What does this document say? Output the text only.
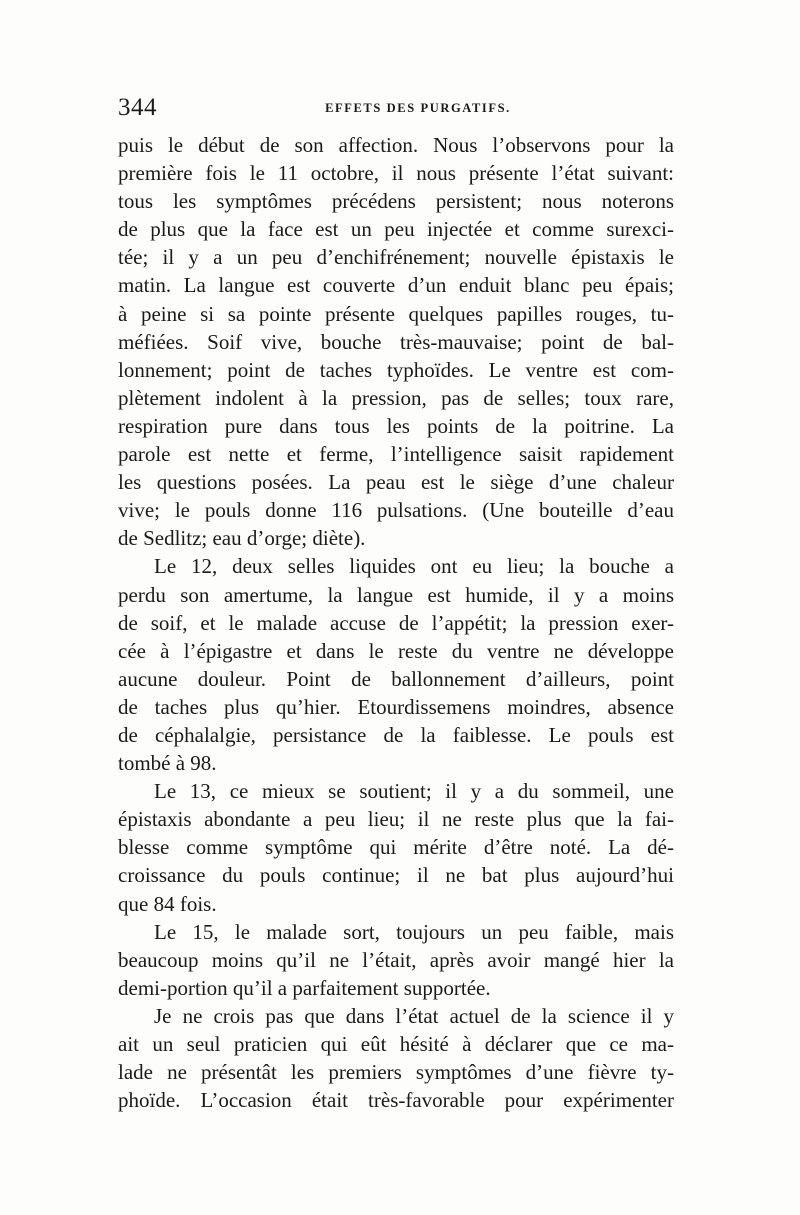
344	EFFETS DES PURGATIFS.
puis le début de son affection. Nous l’observons pour la
première fois le 11 octobre, il nous présente l’état suivant:
tous les symptômes précédens persistent; nous noterons
de plus que la face est un peu injectée et comme surexci-
tée; il y a un peu d’enchifrénement; nouvelle épistaxis le
matin. La langue est couverte d’un enduit blanc peu épais;
à peine si sa pointe présente quelques papilles rouges, tu-
méfiées. Soif vive, bouche très-mauvaise; point de bal-
lonnement; point de taches typhoïdes. Le ventre est com-
plètement indolent à la pression, pas de selles; toux rare,
respiration pure dans tous les points de la poitrine. La
parole est nette et ferme, l’intelligence saisit rapidement
les questions posées. La peau est le siège d’une chaleur
vive; le pouls donne 116 pulsations. (Une bouteille d’eau
de Sedlitz; eau d’orge; diète).
Le 12, deux selles liquides ont eu lieu; la bouche a
perdu son amertume, la langue est humide, il y a moins
de soif, et le malade accuse de l’appétit; la pression exer-
cée à l’épigastre et dans le reste du ventre ne développe
aucune douleur. Point de ballonnement d’ailleurs, point
de taches plus qu’hier. Etourdissemens moindres, absence
de céphalalgie, persistance de la faiblesse. Le pouls est
tombé à 98.
Le 13, ce mieux se soutient; il y a du sommeil, une
épistaxis abondante a peu lieu; il ne reste plus que la fai-
blesse comme symptôme qui mérite d’être noté. La dé-
croissance du pouls continue; il ne bat plus aujourd’hui
que 84 fois.
Le 15, le malade sort, toujours un peu faible, mais
beaucoup moins qu’il ne l’était, après avoir mangé hier la
demi-portion qu’il a parfaitement supportée.
Je ne crois pas que dans l’état actuel de la science il y
ait un seul praticien qui eût hésité à déclarer que ce ma-
lade ne présentât les premiers symptômes d’une fièvre ty-
phoïde. L’occasion était très-favorable pour expérimenter
